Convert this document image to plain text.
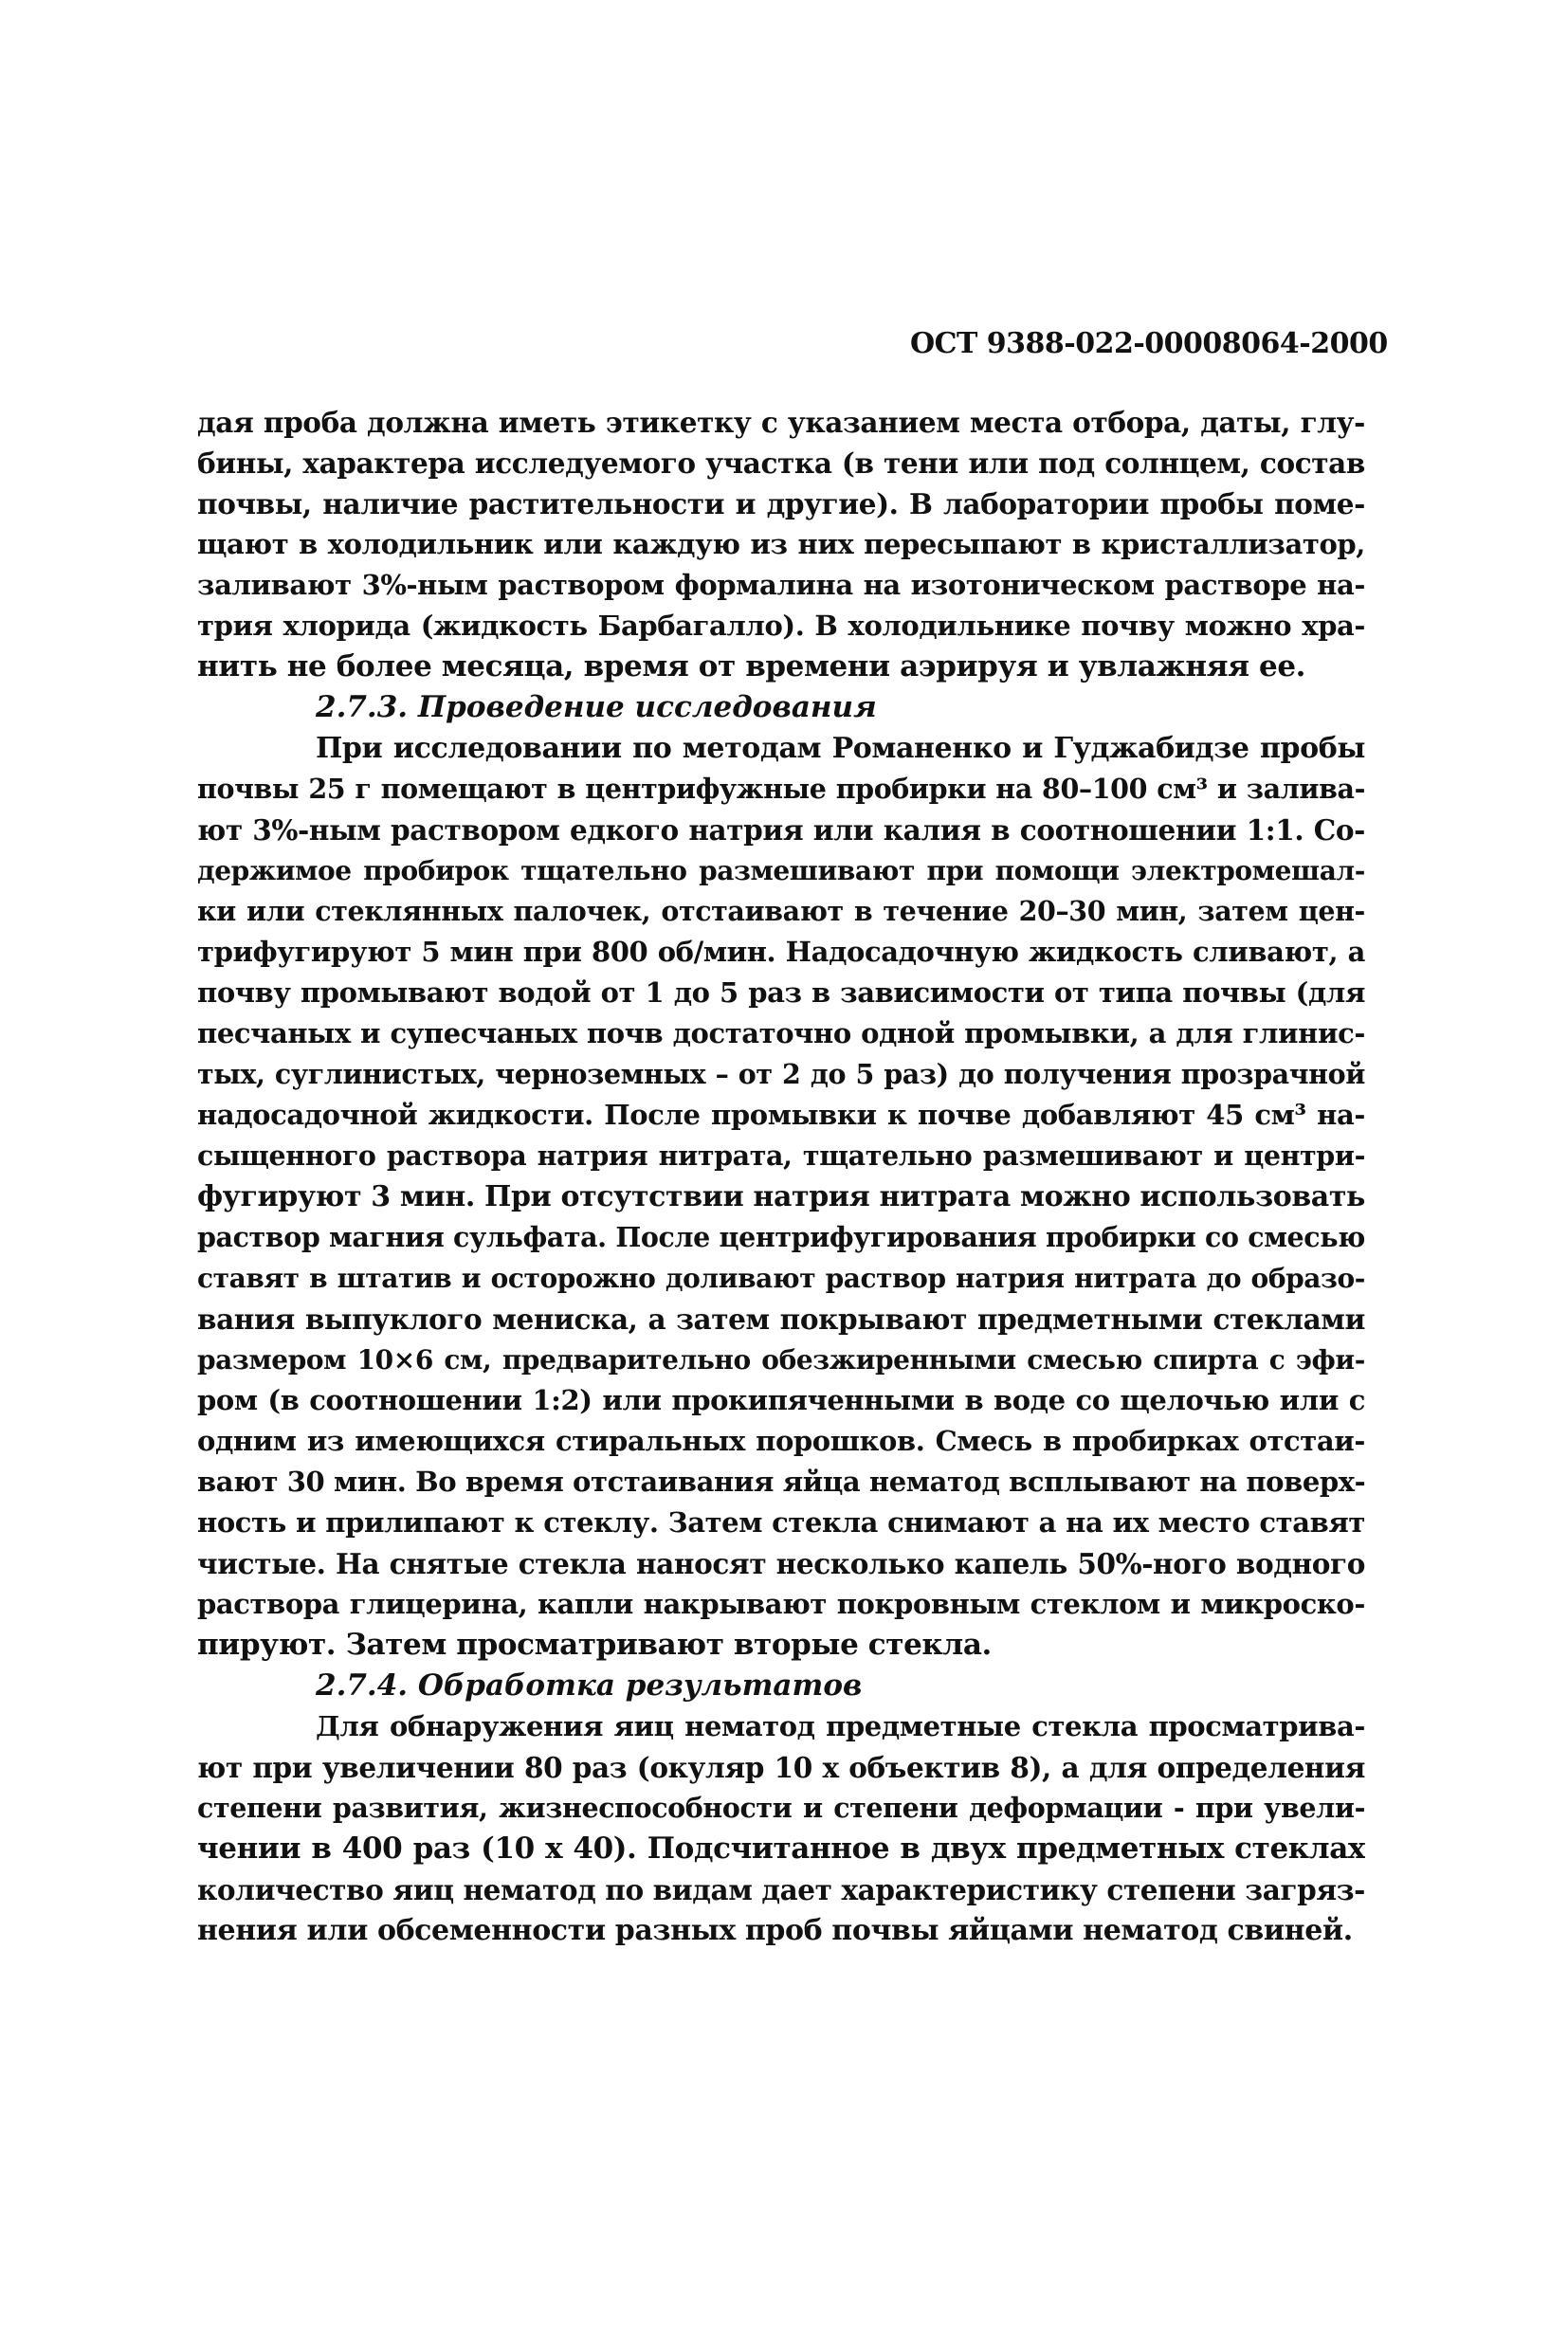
ОСТ 9388-022-00008064-2000
дая проба должна иметь этикетку с указанием места отбора, даты, глу-
бины, характера исследуемого участка (в тени или под солнцем, состав
почвы, наличие растительности и другие). В лаборатории пробы поме-
щают в холодильник или каждую из них пересыпают в кристаллизатор,
заливают 3%-ным раствором формалина на изотоническом растворе на-
трия хлорида (жидкость Барбагалло). В холодильнике почву можно хра-
нить не более месяца, время от времени аэрируя и увлажняя ее.
2.7.3. Проведение исследования
При исследовании по методам Романенко и Гуджабидзе пробы
почвы 25 г помещают в центрифужные пробирки на 80–100 см³ и залива-
ют 3%-ным раствором едкого натрия или калия в соотношении 1:1. Со-
держимое пробирок тщательно размешивают при помощи электромешал-
ки или стеклянных палочек, отстаивают в течение 20–30 мин, затем цен-
трифугируют 5 мин при 800 об/мин. Надосадочную жидкость сливают, а
почву промывают водой от 1 до 5 раз в зависимости от типа почвы (для
песчаных и супесчаных почв достаточно одной промывки, а для глинис-
тых, суглинистых, черноземных – от 2 до 5 раз) до получения прозрачной
надосадочной жидкости. После промывки к почве добавляют 45 см³ на-
сыщенного раствора натрия нитрата, тщательно размешивают и центри-
фугируют 3 мин. При отсутствии натрия нитрата можно использовать
раствор магния сульфата. После центрифугирования пробирки со смесью
ставят в штатив и осторожно доливают раствор натрия нитрата до образо-
вания выпуклого мениска, а затем покрывают предметными стеклами
размером 10×6 см, предварительно обезжиренными смесью спирта с эфи-
ром (в соотношении 1:2) или прокипяченными в воде со щелочью или с
одним из имеющихся стиральных порошков. Смесь в пробирках отстаи-
вают 30 мин. Во время отстаивания яйца нематод всплывают на поверх-
ность и прилипают к стеклу. Затем стекла снимают а на их место ставят
чистые. На снятые стекла наносят несколько капель 50%-ного водного
раствора глицерина, капли накрывают покровным стеклом и микроско-
пируют. Затем просматривают вторые стекла.
2.7.4. Обработка результатов
Для обнаружения яиц нематод предметные стекла просматрива-
ют при увеличении 80 раз (окуляр 10 х объектив 8), а для определения
степени развития, жизнеспособности и степени деформации - при увели-
чении в 400 раз (10 х 40). Подсчитанное в двух предметных стеклах
количество яиц нематод по видам дает характеристику степени загряз-
нения или обсеменности разных проб почвы яйцами нематод свиней.
